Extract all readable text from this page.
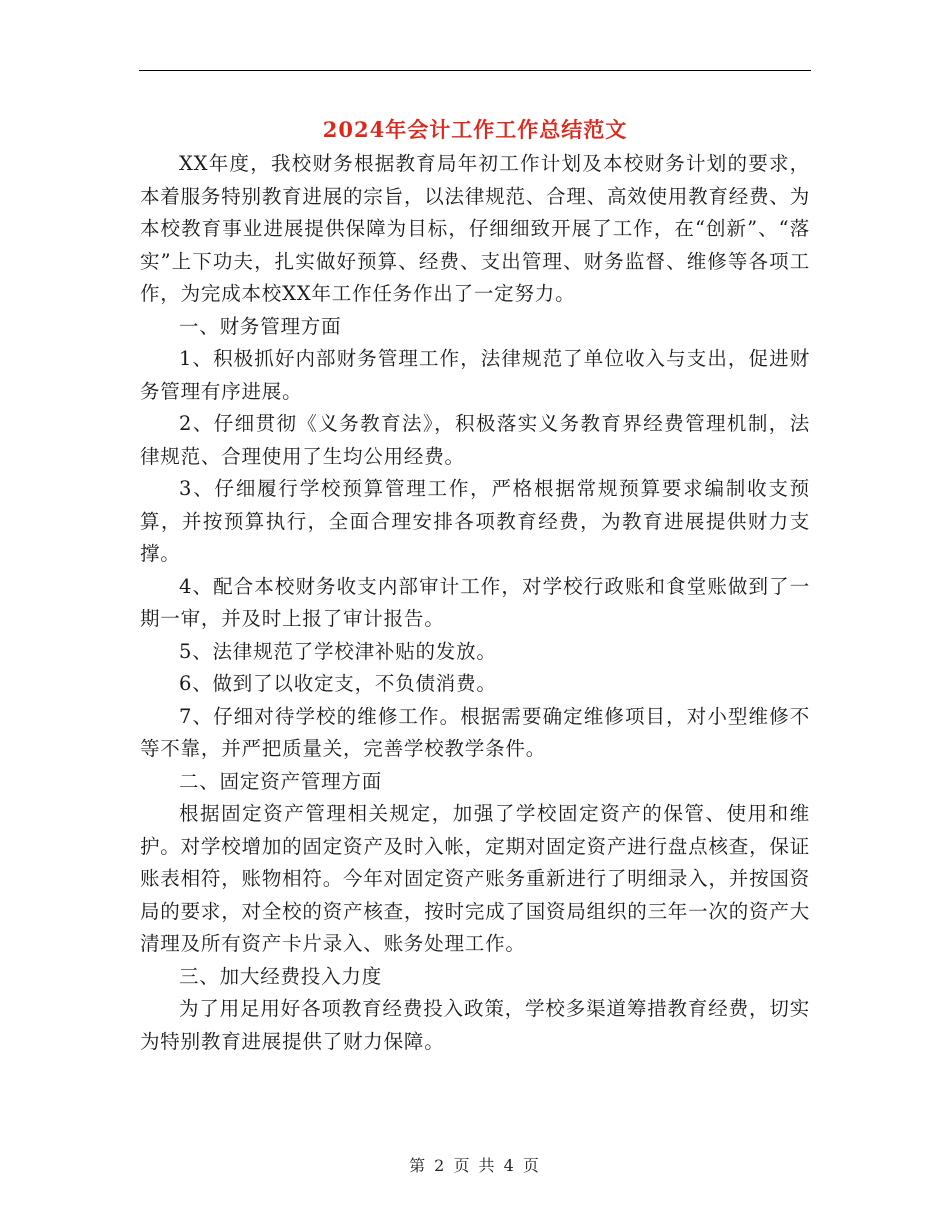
2024年会计工作工作总结范文

XX年度，我校财务根据教育局年初工作计划及本校财务计划的要求，本着服务特别教育进展的宗旨，以法律规范、合理、高效使用教育经费、为本校教育事业进展提供保障为目标，仔细细致开展了工作，在“创新”、“落实”上下功夫，扎实做好预算、经费、支出管理、财务监督、维修等各项工作，为完成本校XX年工作任务作出了一定努力。

一、财务管理方面

1、积极抓好内部财务管理工作，法律规范了单位收入与支出，促进财务管理有序进展。

2、仔细贯彻《义务教育法》，积极落实义务教育界经费管理机制，法律规范、合理使用了生均公用经费。

3、仔细履行学校预算管理工作，严格根据常规预算要求编制收支预算，并按预算执行，全面合理安排各项教育经费，为教育进展提供财力支撑。

4、配合本校财务收支内部审计工作，对学校行政账和食堂账做到了一期一审，并及时上报了审计报告。

5、法律规范了学校津补贴的发放。

6、做到了以收定支，不负债消费。

7、仔细对待学校的维修工作。根据需要确定维修项目，对小型维修不等不靠，并严把质量关，完善学校教学条件。

二、固定资产管理方面

根据固定资产管理相关规定，加强了学校固定资产的保管、使用和维护。对学校增加的固定资产及时入帐，定期对固定资产进行盘点核查，保证账表相符，账物相符。今年对固定资产账务重新进行了明细录入，并按国资局的要求，对全校的资产核查，按时完成了国资局组织的三年一次的资产大清理及所有资产卡片录入、账务处理工作。

三、加大经费投入力度

为了用足用好各项教育经费投入政策，学校多渠道筹措教育经费，切实为特别教育进展提供了财力保障。

第 2 页 共 4 页
